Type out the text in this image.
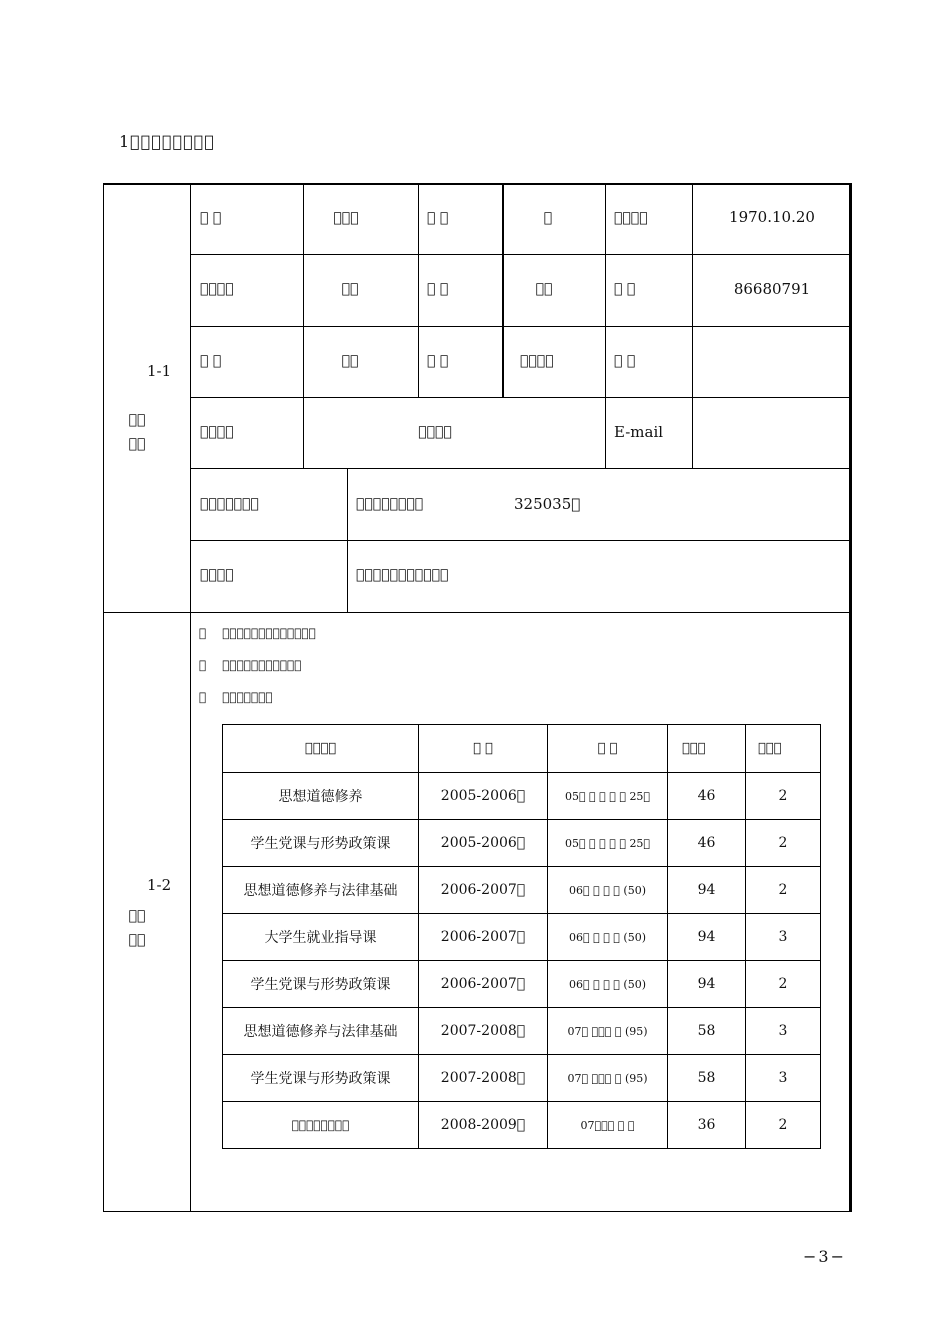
1􀀁􀀁􀀁􀀁􀀁􀀁􀀁􀀁
1-1
􀀁􀀁
􀀁􀀁
􀀁 􀀁	􀀁􀀁􀀁	􀀁 􀀁	􀀁	􀀁􀀁􀀁􀀁	1970.10.20
􀀁􀀁􀀁􀀁	􀀁􀀁	􀀁 􀀁	􀀁􀀁	􀀁 􀀁	86680791
􀀁 􀀁	􀀁􀀁	􀀁 􀀁	􀀁􀀁􀀁􀀁	􀀁 􀀁
􀀁􀀁􀀁􀀁	􀀁􀀁􀀁􀀁	E-mail
􀀁􀀁􀀁􀀁􀀁􀀁􀀁	􀀁􀀁􀀁􀀁􀀁􀀁􀀁􀀁	325035􀀁
􀀁􀀁􀀁􀀁	􀀁􀀁􀀁􀀁􀀁􀀁􀀁􀀁􀀁􀀁􀀁
1-2
􀀁􀀁
􀀁􀀁
􀀁 􀀁􀀁􀀁􀀁􀀁􀀁􀀁􀀁􀀁􀀁􀀁􀀁􀀁
􀀁 􀀁􀀁􀀁􀀁􀀁􀀁􀀁􀀁􀀁􀀁􀀁
􀀁 􀀁􀀁􀀁􀀁􀀁􀀁􀀁
􀀁􀀁􀀁􀀁	􀀁 􀀁	􀀁 􀀁	􀀁􀀁􀀁	􀀁􀀁􀀁
思想道德修养	2005-2006􀀁	05􀀁 􀀁 􀀁 􀀁 􀀁 25􀀁	46	2
学生党课与形势政策课	2005-2006􀀁	05􀀁 􀀁 􀀁 􀀁 􀀁 25􀀁	46	2
思想道德修养与法律基础	2006-2007􀀁	06􀀁 􀀁 􀀁 􀀁 (50)	94	2
大学生就业指导课	2006-2007􀀁	06􀀁 􀀁 􀀁 􀀁 (50)	94	3
学生党课与形势政策课	2006-2007􀀁	06􀀁 􀀁 􀀁 􀀁 (50)	94	2
思想道德修养与法律基础	2007-2008􀀁	07􀀁 􀀁􀀁􀀁 􀀁 (95)	58	3
学生党课与形势政策课	2007-2008􀀁	07􀀁 􀀁􀀁􀀁 􀀁 (95)	58	3
􀀁􀀁􀀁􀀁􀀁􀀁􀀁􀀁	2008-2009􀀁	07􀀁􀀁􀀁 􀀁 􀀁	36	2
−3−
